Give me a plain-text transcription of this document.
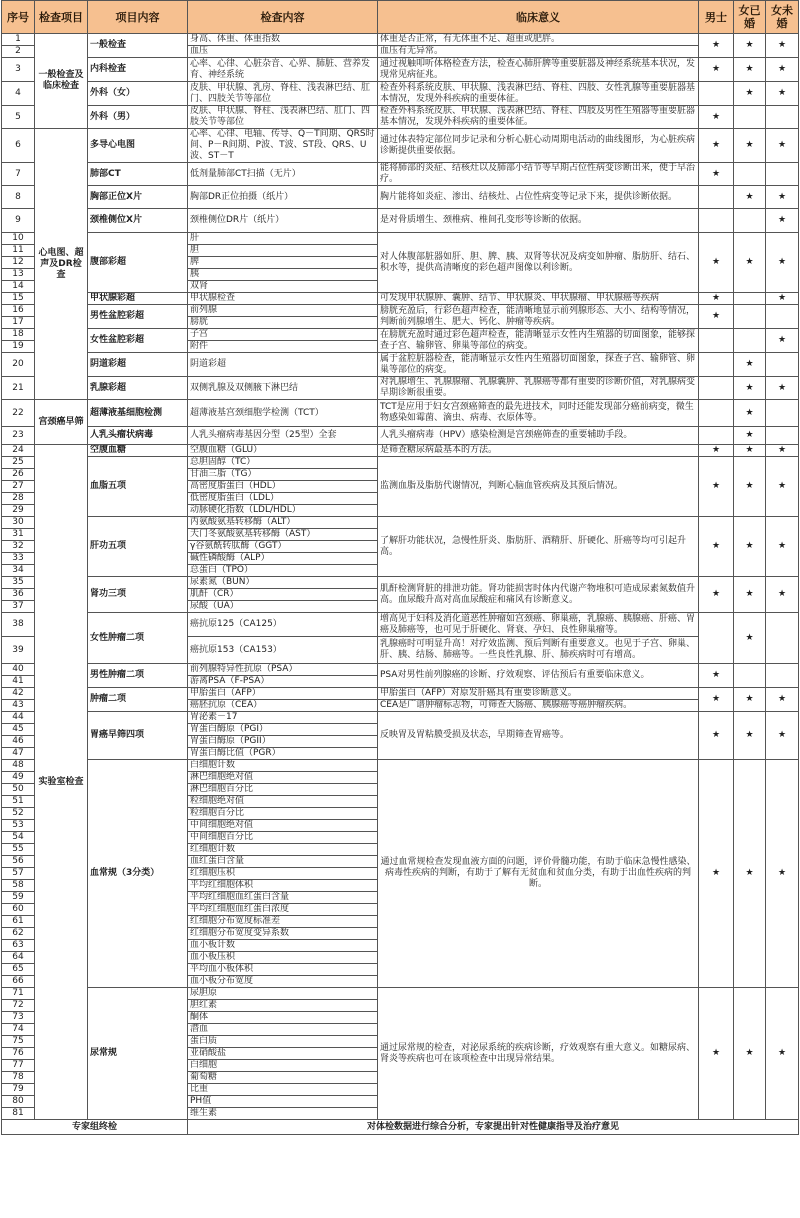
序号	检查项目	项目内容	检查内容	临床意义	男士	女已婚	女未婚
1	一般检查及临床检查	一般检查	身高、体重、体重指数	体重是否正常，有无体重不足、超重或肥胖。	★	★	★
2			血压	血压有无异常。			
3		内科检查	心率、心律、心脏杂音、心界、肺脏、营养发育、神经系统	通过视触叩听体格检查方法，检查心肺肝脾等重要脏器及神经系统基本状况，发现常见病征兆。	★	★	★
4		外科（女）	皮肤、甲状腺、乳房、脊柱、浅表淋巴结、肛门、四肢关节等部位	检查外科系统皮肤、甲状腺、浅表淋巴结、脊柱、四肢、女性乳腺等重要脏器基本情况，发现外科疾病的重要体征。		★	★
5		外科（男）	皮肤、甲状腺、脊柱、浅表淋巴结、肛门、四肢关节等部位	检查外科系统皮肤、甲状腺、浅表淋巴结、脊柱、四肢及男性生殖器等重要脏器基本情况，发现外科疾病的重要体征。	★		
6	心电图、超声及DR检查	多导心电图	心率、心律、电轴、传导、Q－T间期、QRS时间、P－R间期、P波、T波、ST段、QRS、U波、ST－T	通过体表特定部位同步记录和分析心脏心动周期电活动的曲线图形，为心脏疾病诊断提供重要依据。	★	★	★
7		肺部CT	低剂量肺部CT扫描（无片）	能将肺部的炎症、结核灶以及肺部小结节等早期占位性病变诊断出来，便于早治疗。	★		
8		胸部正位X片	胸部DR正位拍摄（纸片）	胸片能将如炎症、渗出、结核灶、占位性病变等记录下来，提供诊断依据。		★	★
9		颈椎侧位X片	颈椎侧位DR片（纸片）	是对骨质增生、颈椎病、椎间孔变形等诊断的依据。			★
10		腹部彩超	肝	对人体腹部脏器如肝、胆、脾、胰、双肾等状况及病变如肿瘤、脂肪肝、结石、积水等，提供高清晰度的彩色超声图像以利诊断。	★	★	★
11			胆				
12			脾				
13			胰				
14			双肾				
15		甲状腺彩超	甲状腺检查	可发现甲状腺肿、囊肿、结节、甲状腺炎、甲状腺瘤、甲状腺癌等疾病	★		★
16		男性盆腔彩超	前列腺	膀胱充盈后，行彩色超声检查，能清晰地显示前列腺形态、大小、结构等情况，判断前列腺增生、肥大、钙化、肿瘤等疾病。	★		
17			膀胱				
18		女性盆腔彩超	子宫	在膀胱充盈时通过彩色超声检查，能清晰显示女性内生殖器的切面图象，能够探查子宫、输卵管、卵巢等部位的病变。			★
19			附件				
20		阴道彩超	阴道彩超	属于盆腔脏器检查，能清晰显示女性内生殖器切面图象，探查子宫、输卵管、卵巢等部位的病变。		★	
21		乳腺彩超	双侧乳腺及双侧腋下淋巴结	对乳腺增生、乳腺腺瘤、乳腺囊肿、乳腺癌等都有重要的诊断价值，对乳腺病变早期诊断很重要。		★	★
22	宫颈癌早筛	超薄液基细胞检测	超薄液基宫颈细胞学检测（TCT）	TCT是应用于妇女宫颈癌筛查的最先进技术，同时还能发现部分癌前病变，微生物感染如霉菌、滴虫、病毒、衣原体等。		★	
23		人乳头瘤状病毒	人乳头瘤病毒基因分型（25型）全套	人乳头瘤病毒（HPV）感染检测是宫颈癌筛查的重要辅助手段。		★	
24	实验室检查	空腹血糖	空腹血糖（GLU）	是筛查糖尿病最基本的方法。	★	★	★
25		血脂五项	总胆固醇（TC）	监测血脂及脂肪代谢情况，判断心脑血管疾病及其预后情况。	★	★	★
26			甘油三脂（TG）				
27			高密度脂蛋白（HDL）				
28			低密度脂蛋白（LDL）				
29			动脉硬化指数（LDL/HDL）				
30		肝功五项	丙氨酸氨基转移酶（ALT）	了解肝功能状况，急慢性肝炎、脂肪肝、酒精肝、肝硬化、肝癌等均可引起升高。	★	★	★
31			天门冬氨酸氨基转移酶（AST）				
32			γ谷氨酰转肽酶（GGT）				
33			碱性磷酸酶（ALP）				
34			总蛋白（TPO）				
35		肾功三项	尿素氮（BUN）	肌酐检测肾脏的排泄功能。肾功能损害时体内代谢产物堆积可造成尿素氮数值升高。血尿酸升高对高血尿酸症和痛风有诊断意义。	★	★	★
36			肌酐（CR）				
37			尿酸（UA）				
38		女性肿瘤二项	癌抗原125（CA125）	增高见于妇科及消化道恶性肿瘤如宫颈癌、卵巢癌，乳腺癌、胰腺癌、肝癌、胃癌及肺癌等，也可见于肝硬化、肾衰、孕妇、良性卵巢瘤等。		★	
39			癌抗原153（CA153）	乳腺癌时可明显升高！对疗效监测、预后判断有重要意义。也见于子宫、卵巢、肝、胰、结肠、肺癌等。一些良性乳腺、肝、肺疾病时可有增高。			
40		男性肿瘤二项	前列腺特异性抗原（PSA）	PSA对男性前列腺癌的诊断、疗效观察、评估预后有重要临床意义。	★		
41			游离PSA（F-PSA）				
42		肿瘤二项	甲胎蛋白（AFP）	甲胎蛋白（AFP）对原发肝癌具有重要诊断意义。	★	★	★
43			癌胚抗原（CEA）	CEA是广谱肿瘤标志物，可筛查大肠癌、胰腺癌等癌肿瘤疾病。			
44		胃癌早筛四项	胃泌素－17	反映胃及胃粘膜受损及状态，早期筛查胃癌等。	★	★	★
45			胃蛋白酶原（PGI）				
46			胃蛋白酶原（PGII）				
47			胃蛋白酶比值（PGR）				
48		血常规（3分类）	白细胞计数	通过血常规检查发现血液方面的问题，评价骨髓功能，有助于临床急慢性感染、病毒性疾病的判断，有助于了解有无贫血和贫血分类，有助于出血性疾病的判断。	★	★	★
49			淋巴细胞绝对值				
50			淋巴细胞百分比				
51			粒细胞绝对值				
52			粒细胞百分比				
53			中间细胞绝对值				
54			中间细胞百分比				
55			红细胞计数				
56			血红蛋白含量				
57			红细胞压积				
58			平均红细胞体积				
59			平均红细胞血红蛋白含量				
60			平均红细胞血红蛋白浓度				
61			红细胞分布宽度标准差				
62			红细胞分布宽度变异系数				
63			血小板计数				
64			血小板压积				
65			平均血小板体积				
66			血小板分布宽度				
71		尿常规	尿胆原	通过尿常规的检查，对泌尿系统的疾病诊断，疗效观察有重大意义。如糖尿病、肾炎等疾病也可在该项检查中出现异常结果。	★	★	★
72			胆红素				
73			酮体				
74			潜血				
75			蛋白质				
76			亚硝酸盐				
77			白细胞				
78			葡萄糖				
79			比重				
80			PH值				
81			维生素				
专家组终检			对体检数据进行综合分析，专家提出针对性健康指导及治疗意见				
